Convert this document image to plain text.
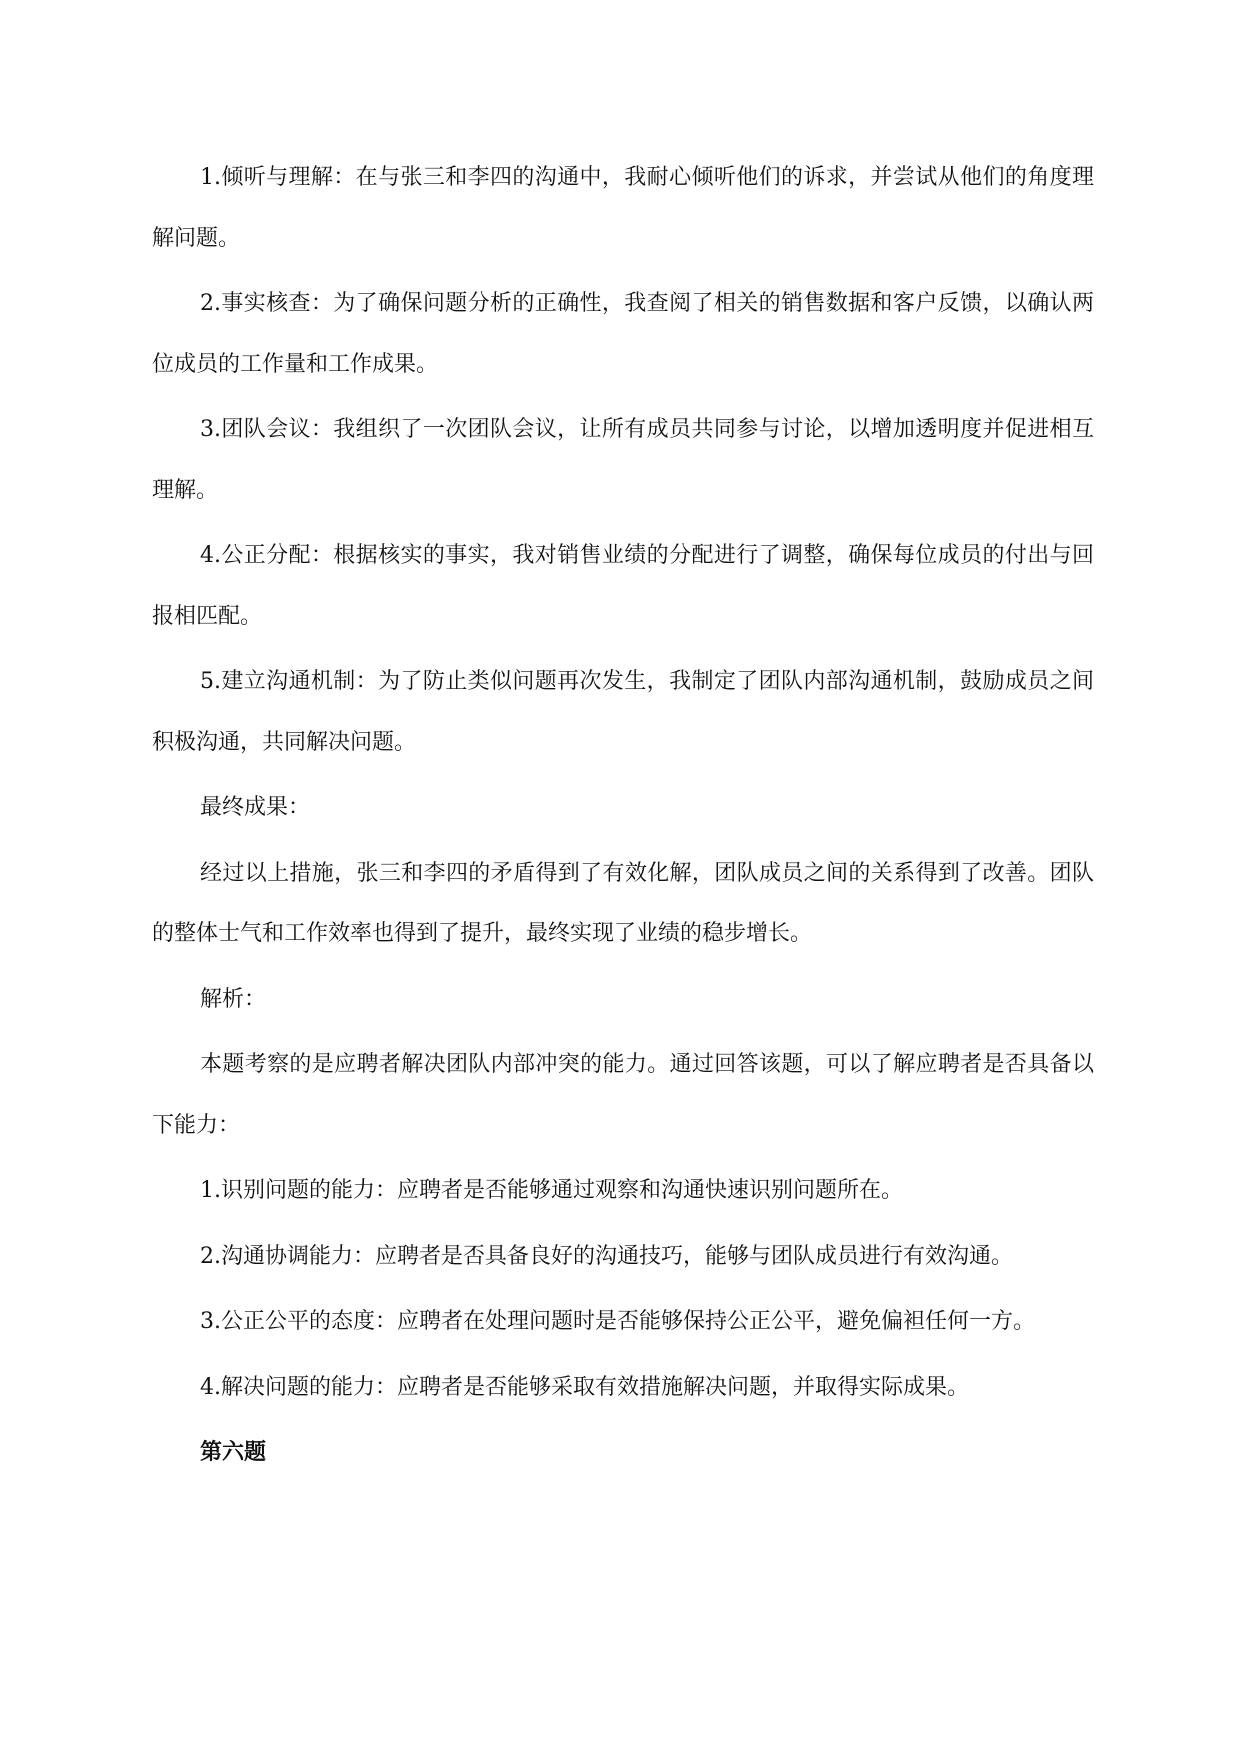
1.倾听与理解：在与张三和李四的沟通中，我耐心倾听他们的诉求，并尝试从他们的角度理解问题。

2.事实核查：为了确保问题分析的正确性，我查阅了相关的销售数据和客户反馈，以确认两位成员的工作量和工作成果。

3.团队会议：我组织了一次团队会议，让所有成员共同参与讨论，以增加透明度并促进相互理解。

4.公正分配：根据核实的事实，我对销售业绩的分配进行了调整，确保每位成员的付出与回报相匹配。

5.建立沟通机制：为了防止类似问题再次发生，我制定了团队内部沟通机制，鼓励成员之间积极沟通，共同解决问题。

最终成果：

经过以上措施，张三和李四的矛盾得到了有效化解，团队成员之间的关系得到了改善。团队的整体士气和工作效率也得到了提升，最终实现了业绩的稳步增长。

解析：

本题考察的是应聘者解决团队内部冲突的能力。通过回答该题，可以了解应聘者是否具备以下能力：

1.识别问题的能力：应聘者是否能够通过观察和沟通快速识别问题所在。

2.沟通协调能力：应聘者是否具备良好的沟通技巧，能够与团队成员进行有效沟通。

3.公正公平的态度：应聘者在处理问题时是否能够保持公正公平，避免偏袒任何一方。

4.解决问题的能力：应聘者是否能够采取有效措施解决问题，并取得实际成果。

第六题
